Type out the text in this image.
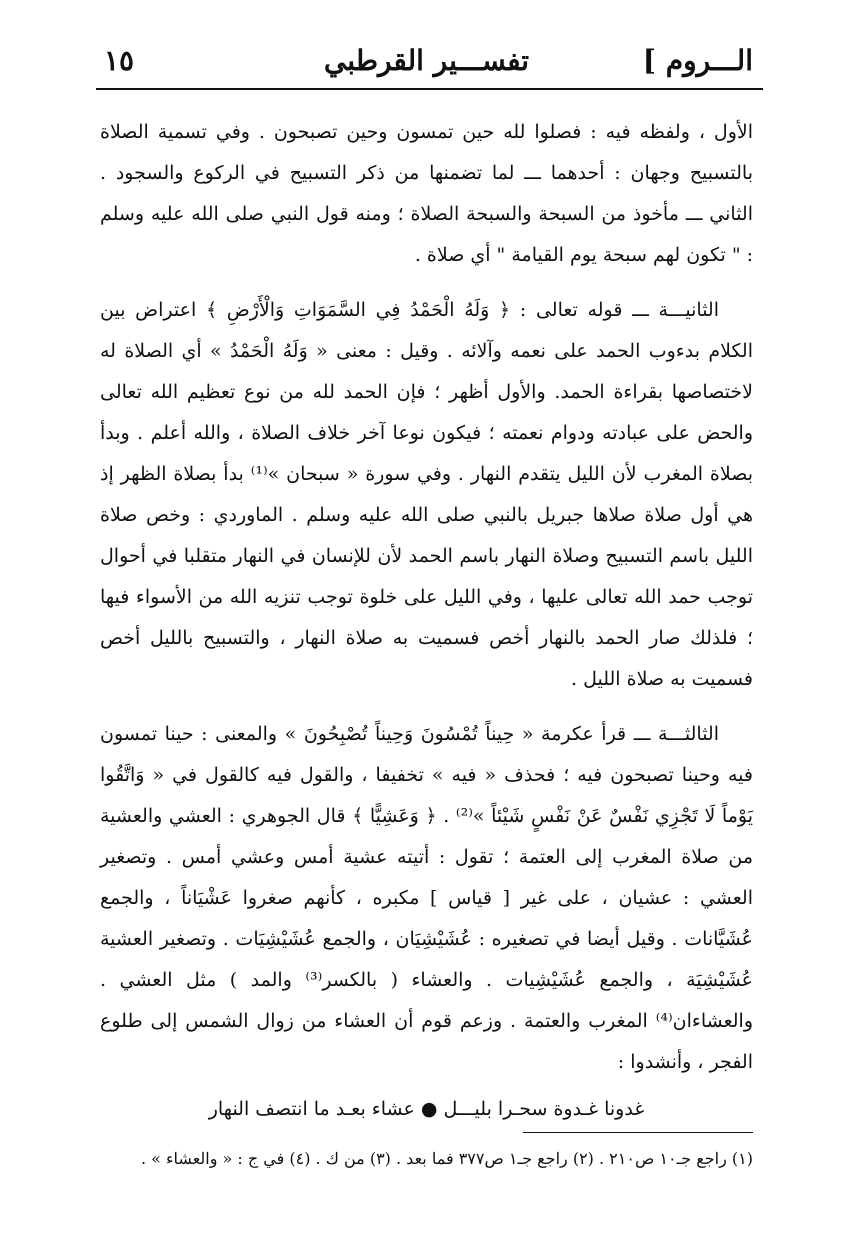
الـــروم ]
تفســـير القرطبي
١٥

الأول ، ولفظه فيه : فصلوا لله حين تمسون وحين تصبحون . وفي تسمية الصلاة بالتسبيح وجهان : أحدهما ـــ لما تضمنها من ذكر التسبيح في الركوع والسجود . الثاني ـــ مأخوذ من السبحة والسبحة الصلاة ؛ ومنه قول النبي صلى الله عليه وسلم : " تكون لهم سبحة يوم القيامة " أي صلاة .

الثانيـــة ـــ قوله تعالى : ﴿ وَلَهُ الْحَمْدُ فِي السَّمَوَاتِ وَالْأَرْضِ ﴾ اعتراض بين الكلام بدءوب الحمد على نعمه وآلائه . وقيل : معنى « وَلَهُ الْحَمْدُ » أي الصلاة له لاختصاصها بقراءة الحمد. والأول أظهر ؛ فإن الحمد لله من نوع تعظيم الله تعالى والحض على عبادته ودوام نعمته ؛ فيكون نوعا آخر خلاف الصلاة ، والله أعلم . وبدأ بصلاة المغرب لأن الليل يتقدم النهار . وفي سورة « سبحان »⁽¹⁾ بدأ بصلاة الظهر إذ هي أول صلاة صلاها جبريل بالنبي صلى الله عليه وسلم . الماوردي : وخص صلاة الليل باسم التسبيح وصلاة النهار باسم الحمد لأن للإنسان في النهار متقلبا في أحوال توجب حمد الله تعالى عليها ، وفي الليل على خلوة توجب تنزيه الله من الأسواء فيها ؛ فلذلك صار الحمد بالنهار أخص فسميت به صلاة النهار ، والتسبيح بالليل أخص فسميت به صلاة الليل .

الثالثـــة ـــ قرأ عكرمة « حِيناً تُمْسُونَ وَحِيناً تُصْبِحُونَ » والمعنى : حينا تمسون فيه وحينا تصبحون فيه ؛ فحذف « فيه » تخفيفا ، والقول فيه كالقول في « وَاتَّقُوا يَوْماً لَا تَجْزِي نَفْسٌ عَنْ نَفْسٍ شَيْئاً »⁽²⁾ . ﴿ وَعَشِيًّا ﴾ قال الجوهري : العشي والعشية من صلاة المغرب إلى العتمة ؛ تقول : أتيته عشية أمس وعشي أمس . وتصغير العشي : عشيان ، على غير [ قياس ] مكبره ، كأنهم صغروا عَشْيَاناً ، والجمع عُشَيَّانات . وقيل أيضا في تصغيره : عُشَيْشِيَان ، والجمع عُشَيْشِيَات . وتصغير العشية عُشَيْشِيَة ، والجمع عُشَيْشِيات . والعشاء ( بالكسر⁽³⁾ والمد ) مثل العشي . والعشاءان⁽⁴⁾ المغرب والعتمة . وزعم قوم أن العشاء من زوال الشمس إلى طلوع الفجر ، وأنشدوا :

غدونا غـدوة سحـرا بليـــل ● عشاء بعـد ما انتصف النهار
(١) راجع جـ١٠ ص٢١٠ . (٢) راجع جـ١ ص٣٧٧ فما بعد . (٣) من ك . (٤) في ج : « والعشاء » .
